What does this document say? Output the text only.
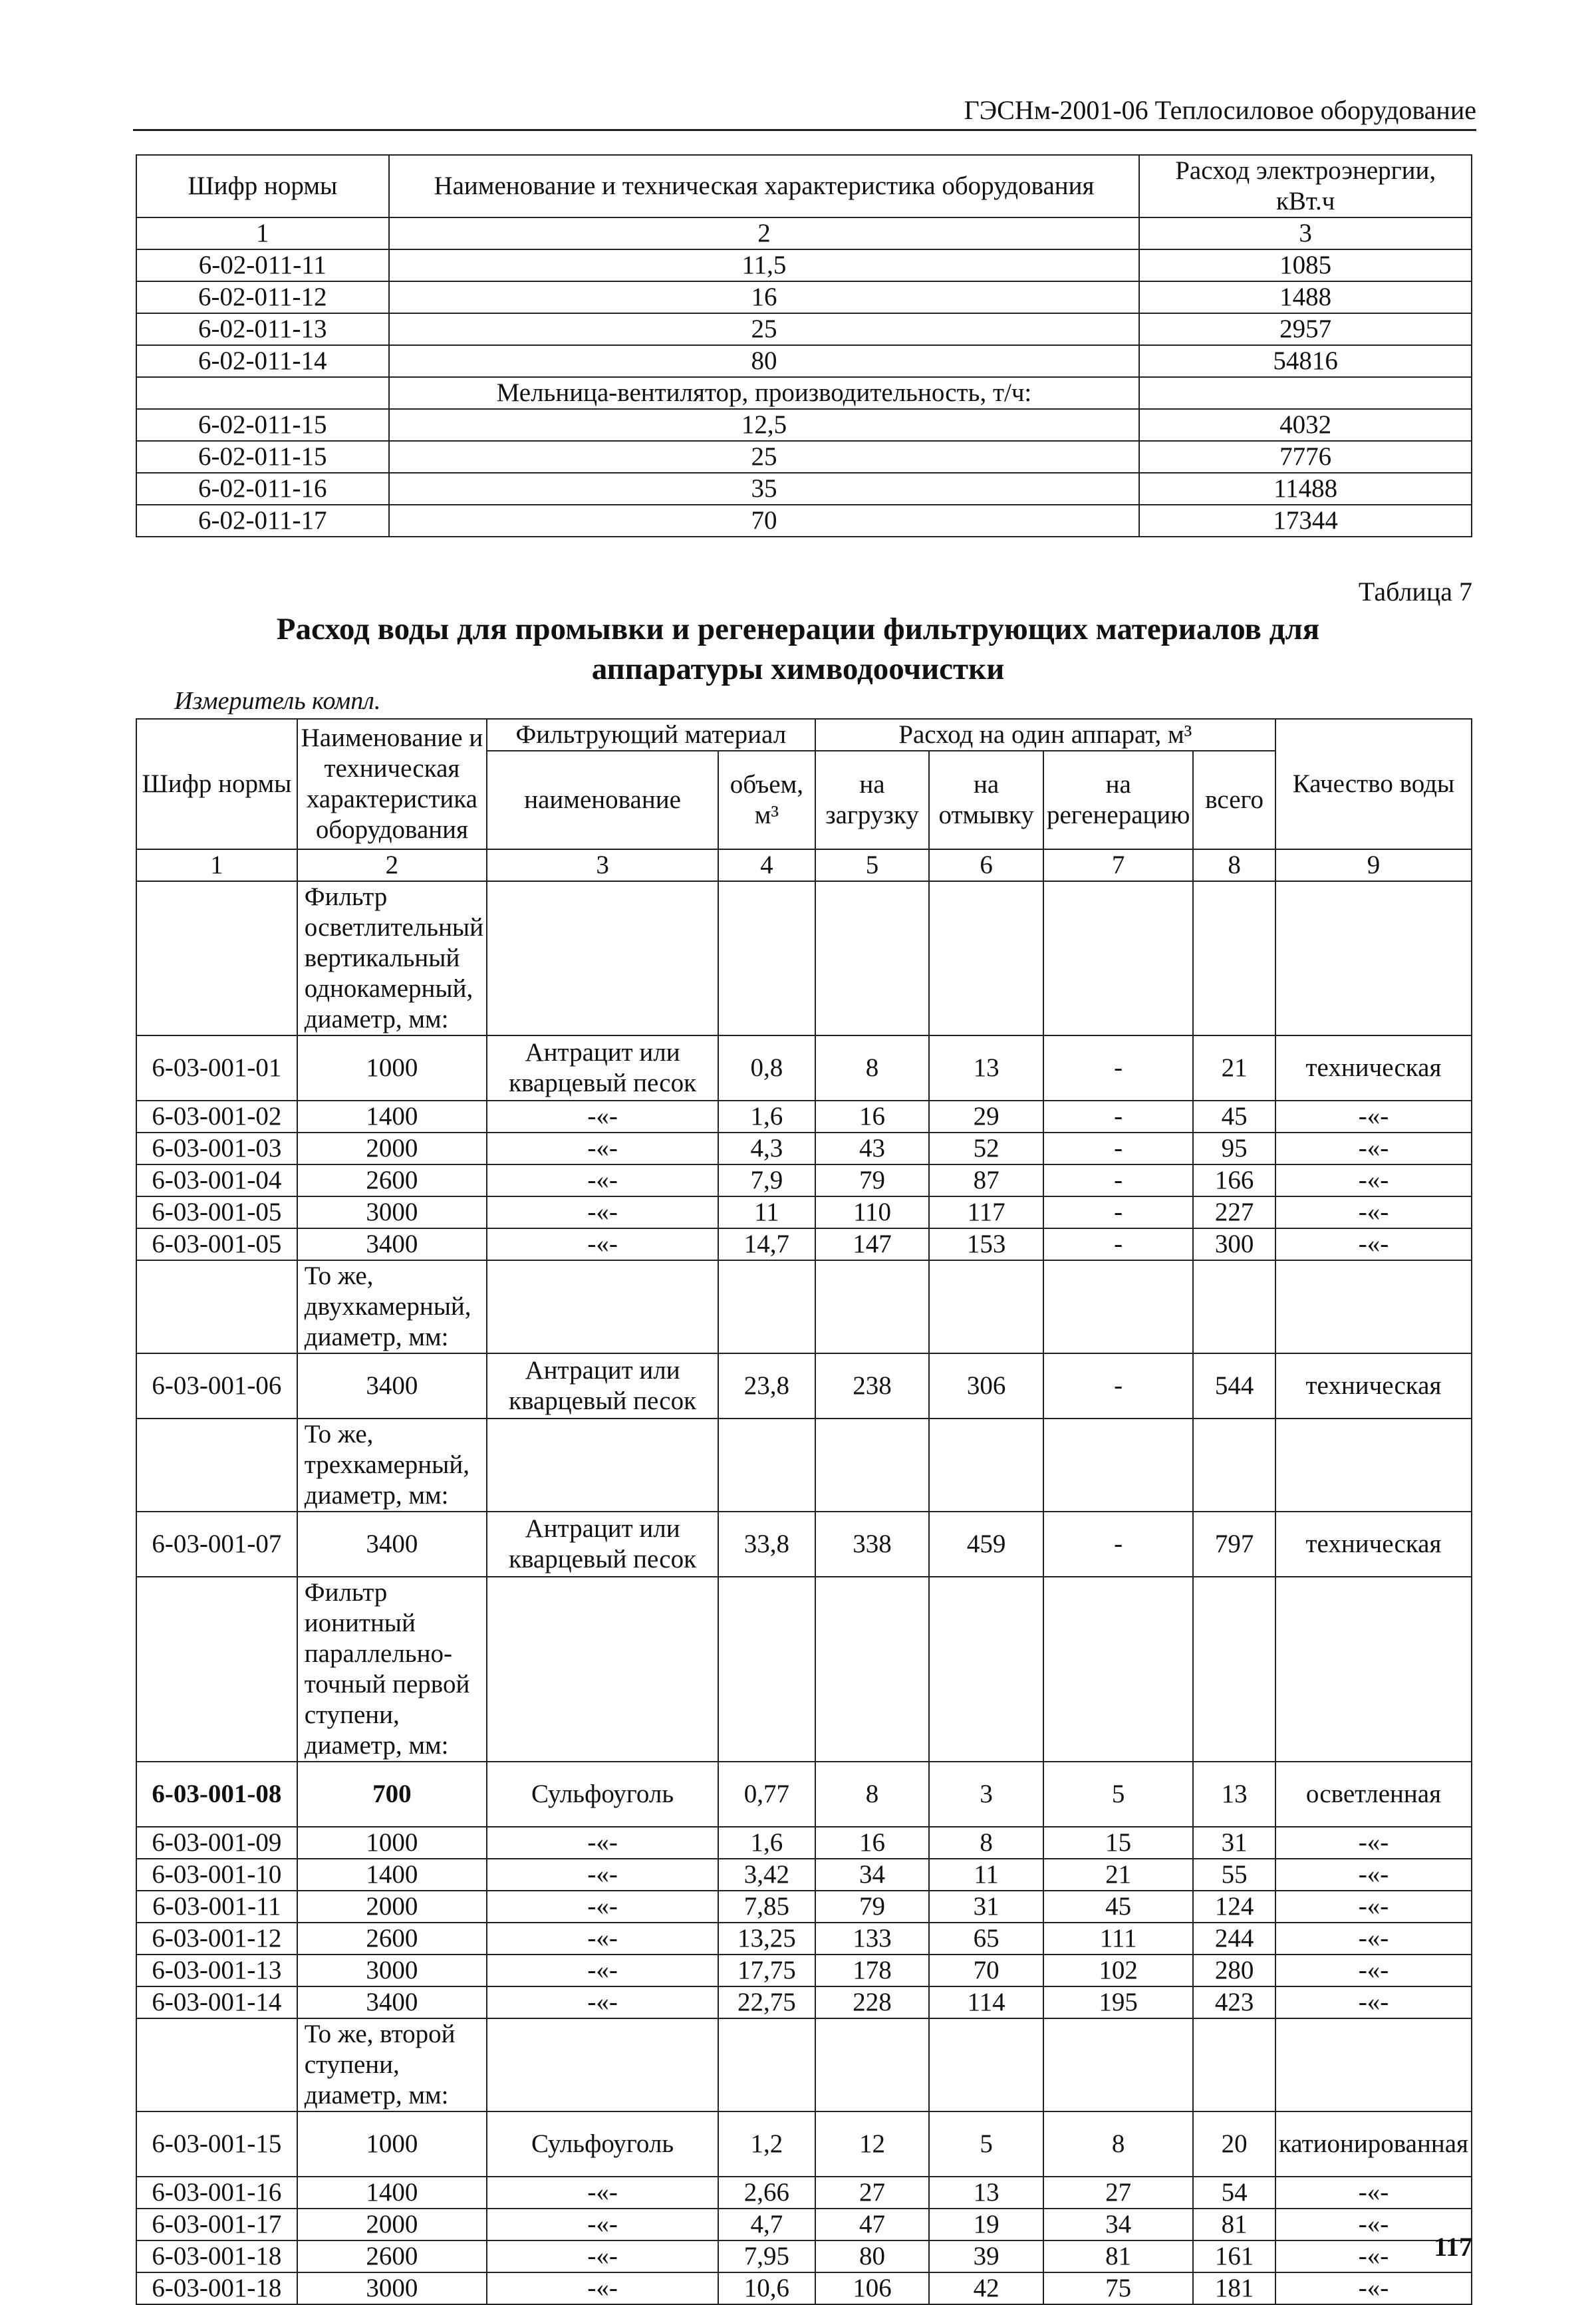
ГЭСНм-2001-06 Теплосиловое оборудование
Шифр нормы	Наименование и техническая характеристика оборудования	Расход электроэнергии, кВт.ч
1	2	3
6-02-011-11	11,5	1085
6-02-011-12	16	1488
6-02-011-13	25	2957
6-02-011-14	80	54816
	Мельница-вентилятор, производительность, т/ч:	
6-02-011-15	12,5	4032
6-02-011-15	25	7776
6-02-011-16	35	11488
6-02-011-17	70	17344
Таблица 7
Расход воды для промывки и регенерации фильтрующих материалов для
аппаратуры химводоочистки
Измеритель компл.
Шифр нормы	Наименование и техническая характеристика оборудования	Фильтрующий материал		Расход на один аппарат, м³				Качество воды
		наименование	объем, м³	на загрузку	на отмывку	на регенерацию	всего	
1	2	3	4	5	6	7	8	9
	Фильтр осветлительный вертикальный однокамерный, диаметр, мм:							
6-03-001-01	1000	Антрацит или кварцевый песок	0,8	8	13	-	21	техническая
6-03-001-02	1400	-«-	1,6	16	29	-	45	-«-
6-03-001-03	2000	-«-	4,3	43	52	-	95	-«-
6-03-001-04	2600	-«-	7,9	79	87	-	166	-«-
6-03-001-05	3000	-«-	11	110	117	-	227	-«-
6-03-001-05	3400	-«-	14,7	147	153	-	300	-«-
	То же, двухкамерный, диаметр, мм:							
6-03-001-06	3400	Антрацит или кварцевый песок	23,8	238	306	-	544	техническая
	То же, трехкамерный, диаметр, мм:							
6-03-001-07	3400	Антрацит или кварцевый песок	33,8	338	459	-	797	техническая
	Фильтр ионитный параллельно-точный первой ступени, диаметр, мм:							
6-03-001-08	700	Сульфоуголь	0,77	8	3	5	13	осветленная
6-03-001-09	1000	-«-	1,6	16	8	15	31	-«-
6-03-001-10	1400	-«-	3,42	34	11	21	55	-«-
6-03-001-11	2000	-«-	7,85	79	31	45	124	-«-
6-03-001-12	2600	-«-	13,25	133	65	111	244	-«-
6-03-001-13	3000	-«-	17,75	178	70	102	280	-«-
6-03-001-14	3400	-«-	22,75	228	114	195	423	-«-
	То же, второй ступени, диаметр, мм:							
6-03-001-15	1000	Сульфоуголь	1,2	12	5	8	20	катионированная
6-03-001-16	1400	-«-	2,66	27	13	27	54	-«-
6-03-001-17	2000	-«-	4,7	47	19	34	81	-«-
6-03-001-18	2600	-«-	7,95	80	39	81	161	-«-
6-03-001-18	3000	-«-	10,6	106	42	75	181	-«-
117
